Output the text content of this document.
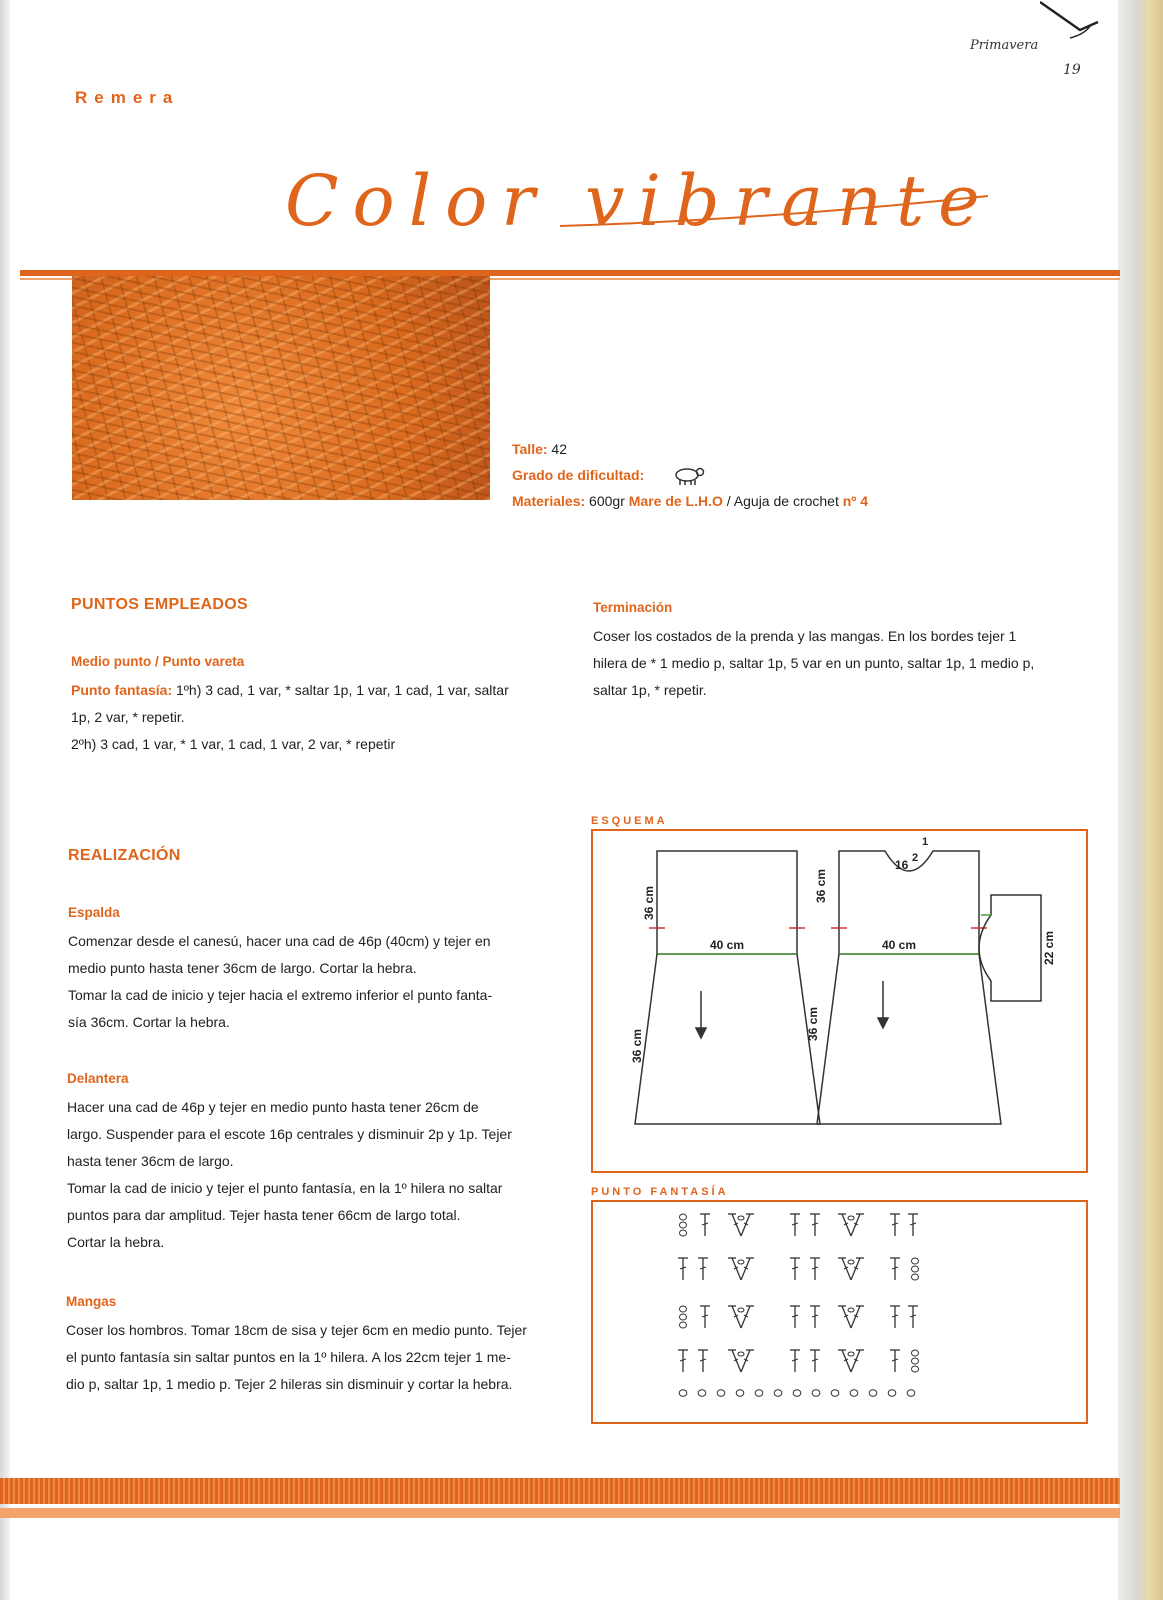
Primavera
19
Remera
Color vibrante
Talle: 42
Grado de dificultad:
Materiales: 600gr Mare de L.H.O / Aguja de crochet nº 4
PUNTOS EMPLEADOS
Medio punto / Punto vareta
Punto fantasía: 1ºh) 3 cad, 1 var, * saltar 1p, 1 var, 1 cad, 1 var, saltar
1p, 2 var, * repetir.
2ºh) 3 cad, 1 var, * 1 var, 1 cad, 1 var, 2 var, * repetir
REALIZACIÓN
Espalda
Comenzar desde el canesú, hacer una cad de 46p (40cm) y tejer en
medio punto hasta tener 36cm de largo. Cortar la hebra.
Tomar la cad de inicio y tejer hacia el extremo inferior el punto fanta-
sía 36cm. Cortar la hebra.
Delantera
Hacer una cad de 46p y tejer en medio punto hasta tener 26cm de
largo. Suspender para el escote 16p centrales y disminuir 2p y 1p. Tejer
hasta tener 36cm de largo.
Tomar la cad de inicio y tejer el punto fantasía, en la 1º hilera no saltar
puntos para dar amplitud. Tejer hasta tener 66cm de largo total.
Cortar la hebra.
Mangas
Coser los hombros. Tomar 18cm de sisa y tejer 6cm en medio punto. Tejer
el punto fantasía sin saltar puntos en la 1º hilera. A los 22cm tejer 1 me-
dio p, saltar 1p, 1 medio p. Tejer 2 hileras sin disminuir y cortar la hebra.
Terminación
Coser los costados de la prenda y las mangas. En los bordes tejer 1
hilera de * 1 medio p, saltar 1p, 5 var en un punto, saltar 1p, 1 medio p,
saltar 1p, * repetir.
ESQUEMA
36 cm
40 cm
36 cm
16 2
1
36 cm
40 cm
36 cm
22 cm
PUNTO FANTASÍA
